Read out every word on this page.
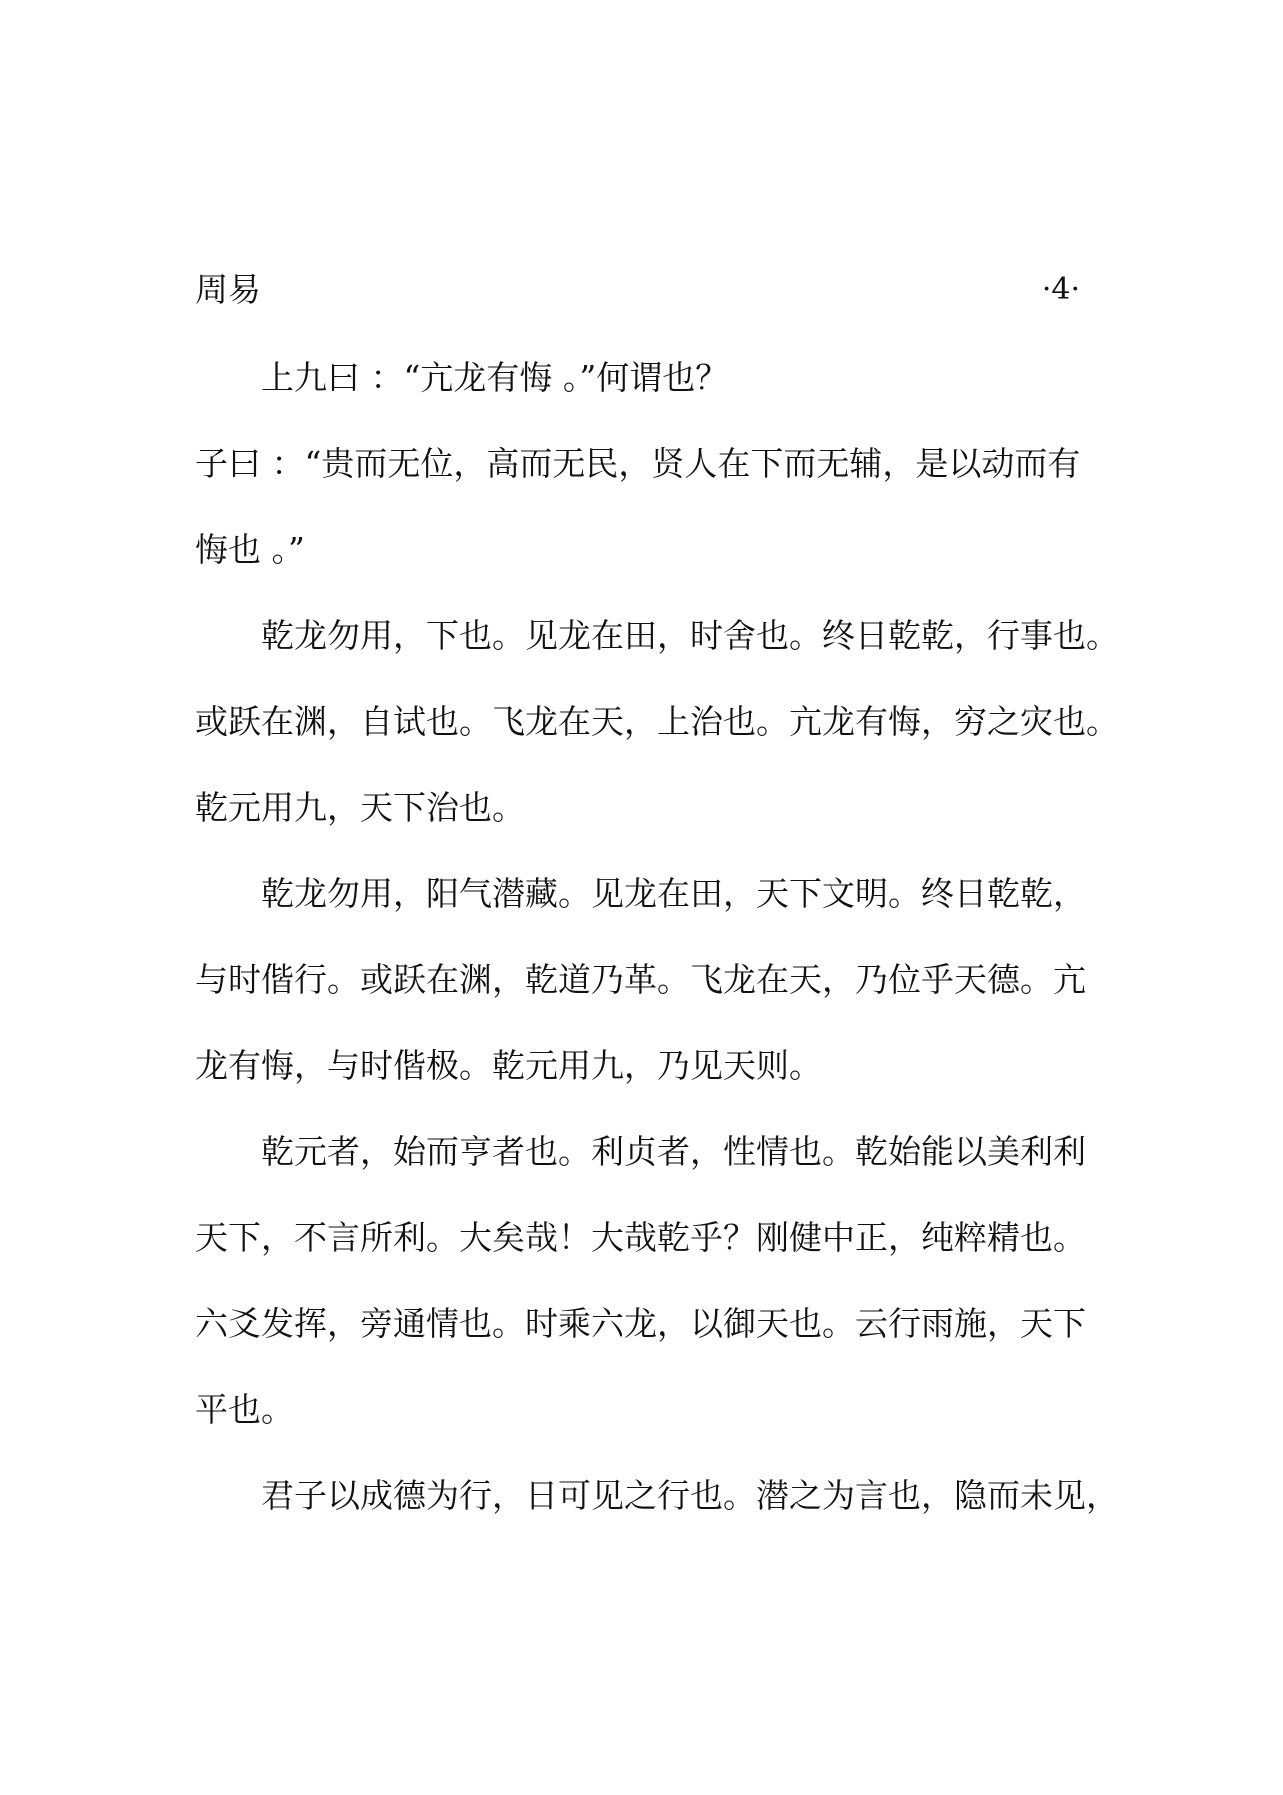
周易	·4·
上九曰 ：“亢龙有悔 。”何谓也？
子曰 ：“贵而无位，高而无民，贤人在下而无辅，是以动而有
悔也 。”
乾龙勿用，下也。见龙在田，时舍也。终日乾乾，行事也。
或跃在渊，自试也。飞龙在天，上治也。亢龙有悔，穷之灾也。
乾元用九，天下治也。
乾龙勿用，阳气潜藏。见龙在田，天下文明。终日乾乾，
与时偕行。或跃在渊，乾道乃革。飞龙在天，乃位乎天德。亢
龙有悔，与时偕极。乾元用九，乃见天则。
乾元者，始而亨者也。利贞者，性情也。乾始能以美利利
天下，不言所利。大矣哉！大哉乾乎？刚健中正，纯粹精也。
六爻发挥，旁通情也。时乘六龙，以御天也。云行雨施，天下
平也。
君子以成德为行，日可见之行也。潜之为言也，隐而未见，
